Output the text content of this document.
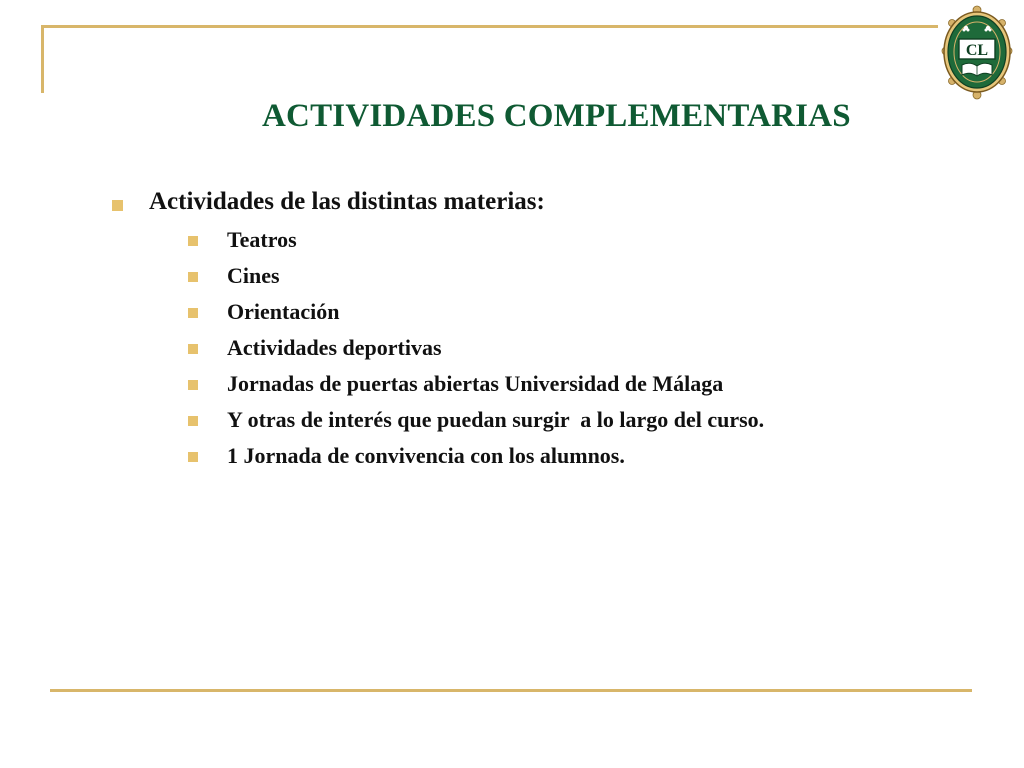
CL
ACTIVIDADES COMPLEMENTARIAS
Actividades de las distintas materias:
Teatros
Cines
Orientación
Actividades deportivas
Jornadas de puertas abiertas Universidad de Málaga
Y otras de interés que puedan surgir  a lo largo del curso.
1 Jornada de convivencia con los alumnos.
